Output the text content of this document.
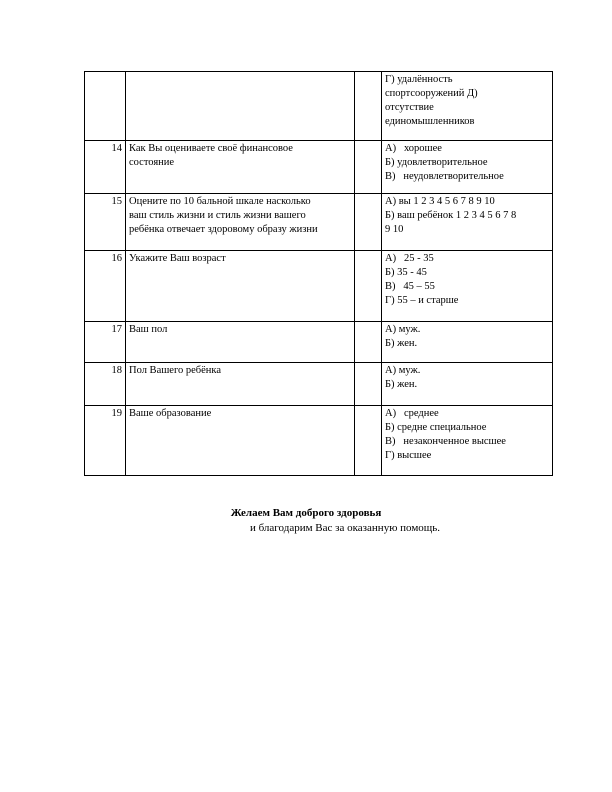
			Г) удалённость
спортсооружений Д)
отсутствие
единомышленников

14	Как Вы оцениваете своё финансовое
состояние		А)   хорошее
Б) удовлетворительное
В)   неудовлетворительное

15	Оцените по 10 бальной шкале насколько
ваш стиль жизни и стиль жизни вашего
ребёнка отвечает здоровому образу жизни		А) вы 1 2 3 4 5 6 7 8 9 10
Б) ваш ребёнок 1 2 3 4 5 6 7 8
9 10

16	Укажите Ваш возраст		А)   25 - 35
Б) 35 - 45
В)   45 – 55
Г) 55 – и старше

17	Ваш пол		А) муж.
Б) жен.

18	Пол Вашего ребёнка		А) муж.
Б) жен.

19	Ваше образование		А)   среднее
Б) средне специальное
В)   незаконченное высшее
Г) высшее
Желаем Вам доброго здоровья
и благодарим Вас за оказанную помощь.
